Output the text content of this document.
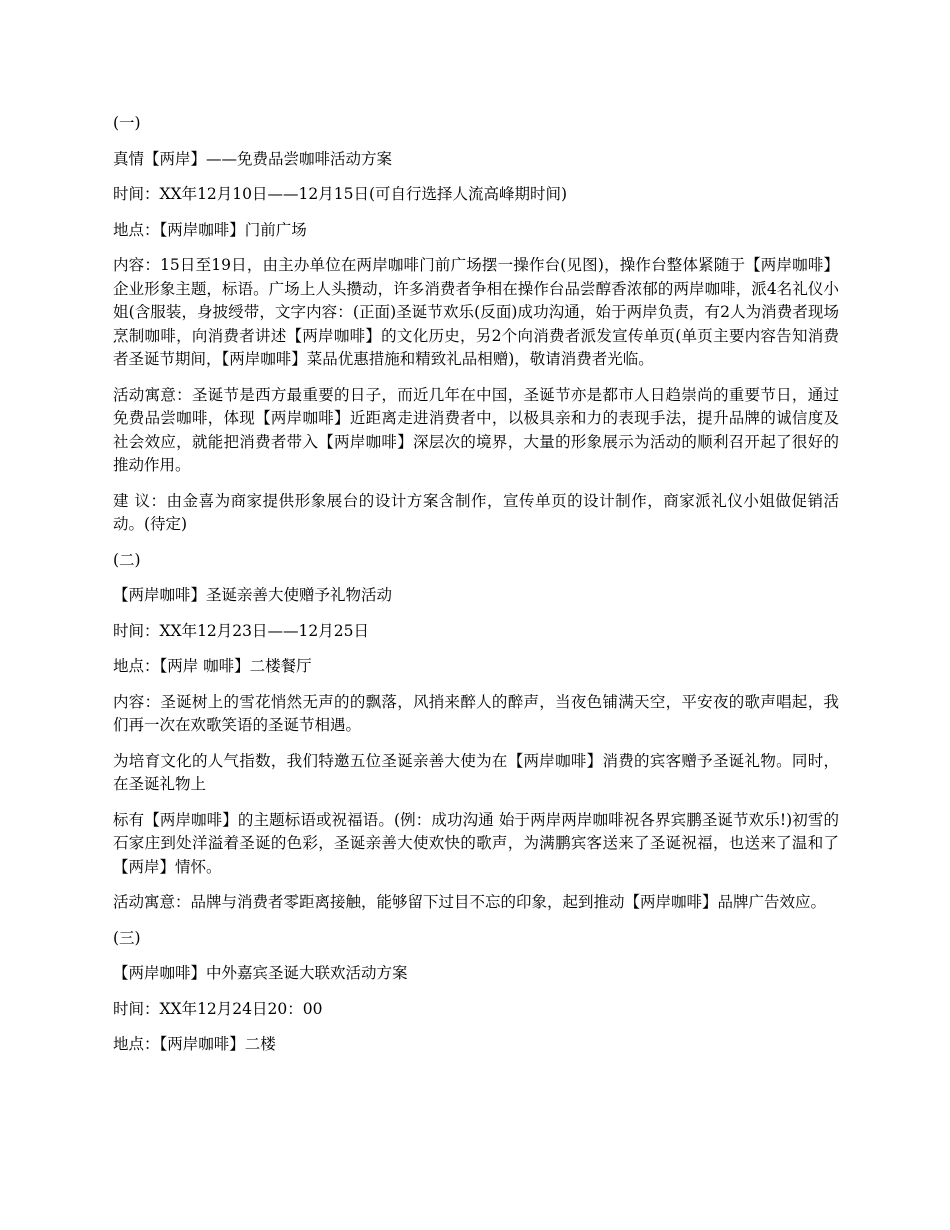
(一)

真情【两岸】——免费品尝咖啡活动方案

时间：XX年12月10日——12月15日(可自行选择人流高峰期时间)

地点：【两岸咖啡】门前广场

内容：15日至19日，由主办单位在两岸咖啡门前广场摆一操作台(见图)，操作台整体紧随于【两岸咖啡】企业形象主题，标语。广场上人头攒动，许多消费者争相在操作台品尝醇香浓郁的两岸咖啡，派4名礼仪小姐(含服装，身披绶带，文字内容：(正面)圣诞节欢乐(反面)成功沟通，始于两岸负责，有2人为消费者现场烹制咖啡，向消费者讲述【两岸咖啡】的文化历史，另2个向消费者派发宣传单页(单页主要内容告知消费者圣诞节期间，【两岸咖啡】菜品优惠措施和精致礼品相赠)，敬请消费者光临。

活动寓意：圣诞节是西方最重要的日子，而近几年在中国，圣诞节亦是都市人日趋崇尚的重要节日，通过免费品尝咖啡，体现【两岸咖啡】近距离走进消费者中，以极具亲和力的表现手法，提升品牌的诚信度及社会效应，就能把消费者带入【两岸咖啡】深层次的境界，大量的形象展示为活动的顺利召开起了很好的推动作用。

建 议：由金喜为商家提供形象展台的设计方案含制作，宣传单页的设计制作，商家派礼仪小姐做促销活动。(待定)

(二)

【两岸咖啡】圣诞亲善大使赠予礼物活动

时间：XX年12月23日——12月25日

地点：【两岸 咖啡】二楼餐厅

内容：圣诞树上的雪花悄然无声的的飘落，风捎来醉人的醉声，当夜色铺满天空，平安夜的歌声唱起，我们再一次在欢歌笑语的圣诞节相遇。

为培育文化的人气指数，我们特邀五位圣诞亲善大使为在【两岸咖啡】消费的宾客赠予圣诞礼物。同时，在圣诞礼物上

标有【两岸咖啡】的主题标语或祝福语。(例：成功沟通 始于两岸两岸咖啡祝各界宾鹏圣诞节欢乐!)初雪的石家庄到处洋溢着圣诞的色彩，圣诞亲善大使欢快的歌声，为满鹏宾客送来了圣诞祝福，也送来了温和了【两岸】情怀。

活动寓意：品牌与消费者零距离接触，能够留下过目不忘的印象，起到推动【两岸咖啡】品牌广告效应。

(三)

【两岸咖啡】中外嘉宾圣诞大联欢活动方案

时间：XX年12月24日20：00

地点：【两岸咖啡】二楼
